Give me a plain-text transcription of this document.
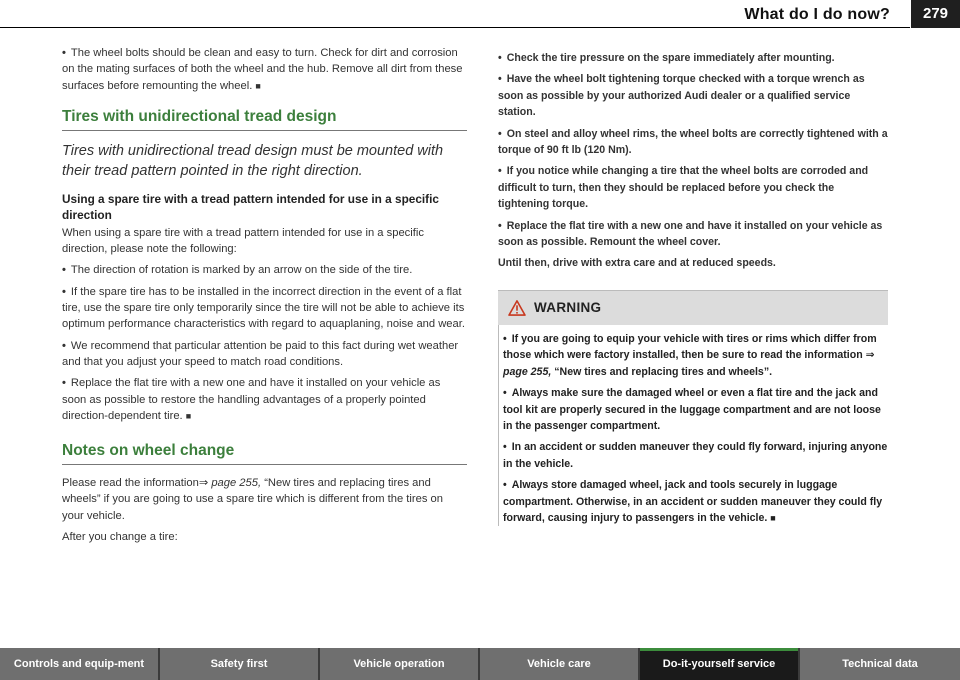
What do I do now?	279

• The wheel bolts should be clean and easy to turn. Check for dirt and corrosion on the mating surfaces of both the wheel and the hub. Remove all dirt from these surfaces before remounting the wheel. ■

Tires with unidirectional tread design

Tires with unidirectional tread design must be mounted with their tread pattern pointed in the right direction.

Using a spare tire with a tread pattern intended for use in a specific direction

When using a spare tire with a tread pattern intended for use in a specific direction, please note the following:

• The direction of rotation is marked by an arrow on the side of the tire.

• If the spare tire has to be installed in the incorrect direction in the event of a flat tire, use the spare tire only temporarily since the tire will not be able to achieve its optimum performance characteristics with regard to aquaplaning, noise and wear.

• We recommend that particular attention be paid to this fact during wet weather and that you adjust your speed to match road conditions.

• Replace the flat tire with a new one and have it installed on your vehicle as soon as possible to restore the handling advantages of a properly pointed direction-dependent tire. ■

Notes on wheel change

Please read the information⇒ page 255, “New tires and replacing tires and wheels” if you are going to use a spare tire which is different from the tires on your vehicle.

After you change a tire:

• Check the tire pressure on the spare immediately after mounting.

• Have the wheel bolt tightening torque checked with a torque wrench as soon as possible by your authorized Audi dealer or a qualified service station.

• On steel and alloy wheel rims, the wheel bolts are correctly tightened with a torque of 90 ft lb (120 Nm).

• If you notice while changing a tire that the wheel bolts are corroded and difficult to turn, then they should be replaced before you check the tightening torque.

• Replace the flat tire with a new one and have it installed on your vehicle as soon as possible. Remount the wheel cover.

Until then, drive with extra care and at reduced speeds.

WARNING

• If you are going to equip your vehicle with tires or rims which differ from those which were factory installed, then be sure to read the information ⇒ page 255, “New tires and replacing tires and wheels”.

• Always make sure the damaged wheel or even a flat tire and the jack and tool kit are properly secured in the luggage compartment and are not loose in the passenger compartment.

• In an accident or sudden maneuver they could fly forward, injuring anyone in the vehicle.

• Always store damaged wheel, jack and tools securely in luggage compartment. Otherwise, in an accident or sudden maneuver they could fly forward, causing injury to passengers in the vehicle. ■

Controls and equip-ment	Safety first	Vehicle operation	Vehicle care	Do-it-yourself service	Technical data
